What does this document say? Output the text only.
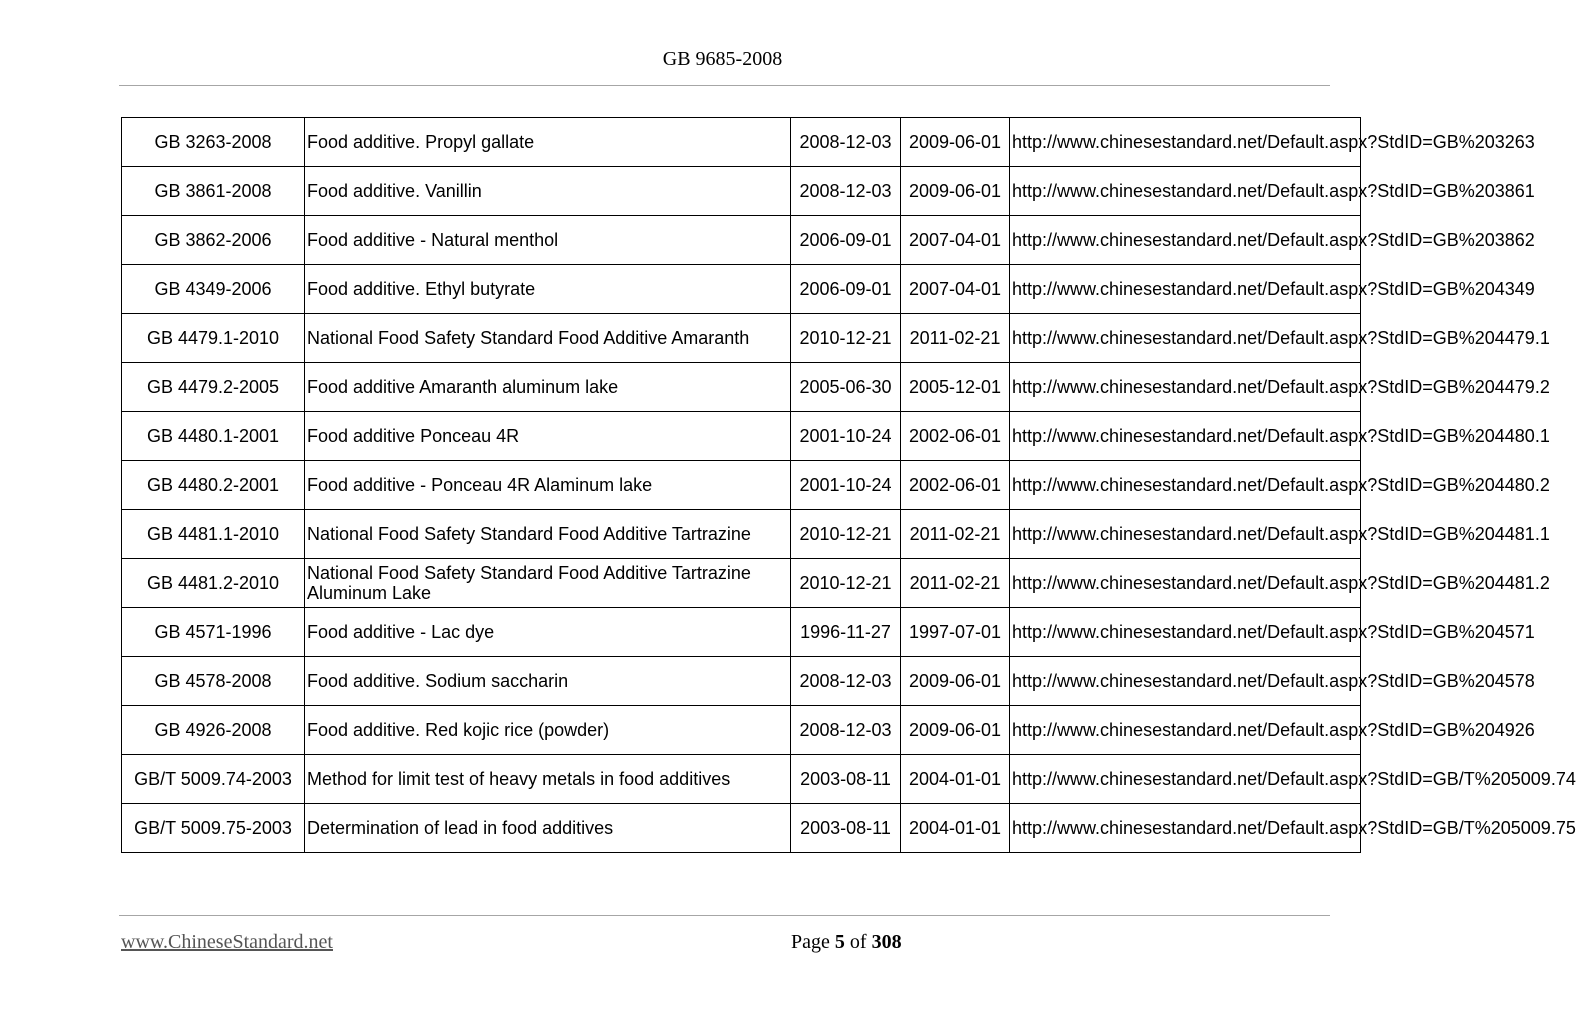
GB 9685-2008
GB 3263-2008	Food additive. Propyl gallate	2008-12-03	2009-06-01	http://www.chinesestandard.net/Default.aspx?StdID=GB%203263
GB 3861-2008	Food additive. Vanillin	2008-12-03	2009-06-01	http://www.chinesestandard.net/Default.aspx?StdID=GB%203861
GB 3862-2006	Food additive - Natural menthol	2006-09-01	2007-04-01	http://www.chinesestandard.net/Default.aspx?StdID=GB%203862
GB 4349-2006	Food additive. Ethyl butyrate	2006-09-01	2007-04-01	http://www.chinesestandard.net/Default.aspx?StdID=GB%204349
GB 4479.1-2010	National Food Safety Standard Food Additive Amaranth	2010-12-21	2011-02-21	http://www.chinesestandard.net/Default.aspx?StdID=GB%204479.1
GB 4479.2-2005	Food additive Amaranth aluminum lake	2005-06-30	2005-12-01	http://www.chinesestandard.net/Default.aspx?StdID=GB%204479.2
GB 4480.1-2001	Food additive Ponceau 4R	2001-10-24	2002-06-01	http://www.chinesestandard.net/Default.aspx?StdID=GB%204480.1
GB 4480.2-2001	Food additive - Ponceau 4R Alaminum lake	2001-10-24	2002-06-01	http://www.chinesestandard.net/Default.aspx?StdID=GB%204480.2
GB 4481.1-2010	National Food Safety Standard Food Additive Tartrazine	2010-12-21	2011-02-21	http://www.chinesestandard.net/Default.aspx?StdID=GB%204481.1
GB 4481.2-2010	National Food Safety Standard Food Additive Tartrazine Aluminum Lake	2010-12-21	2011-02-21	http://www.chinesestandard.net/Default.aspx?StdID=GB%204481.2
GB 4571-1996	Food additive - Lac dye	1996-11-27	1997-07-01	http://www.chinesestandard.net/Default.aspx?StdID=GB%204571
GB 4578-2008	Food additive. Sodium saccharin	2008-12-03	2009-06-01	http://www.chinesestandard.net/Default.aspx?StdID=GB%204578
GB 4926-2008	Food additive. Red kojic rice (powder)	2008-12-03	2009-06-01	http://www.chinesestandard.net/Default.aspx?StdID=GB%204926
GB/T 5009.74-2003	Method for limit test of heavy metals in food additives	2003-08-11	2004-01-01	http://www.chinesestandard.net/Default.aspx?StdID=GB/T%205009.74
GB/T 5009.75-2003	Determination of lead in food additives	2003-08-11	2004-01-01	http://www.chinesestandard.net/Default.aspx?StdID=GB/T%205009.75
www.ChineseStandard.net	Page 5 of 308
